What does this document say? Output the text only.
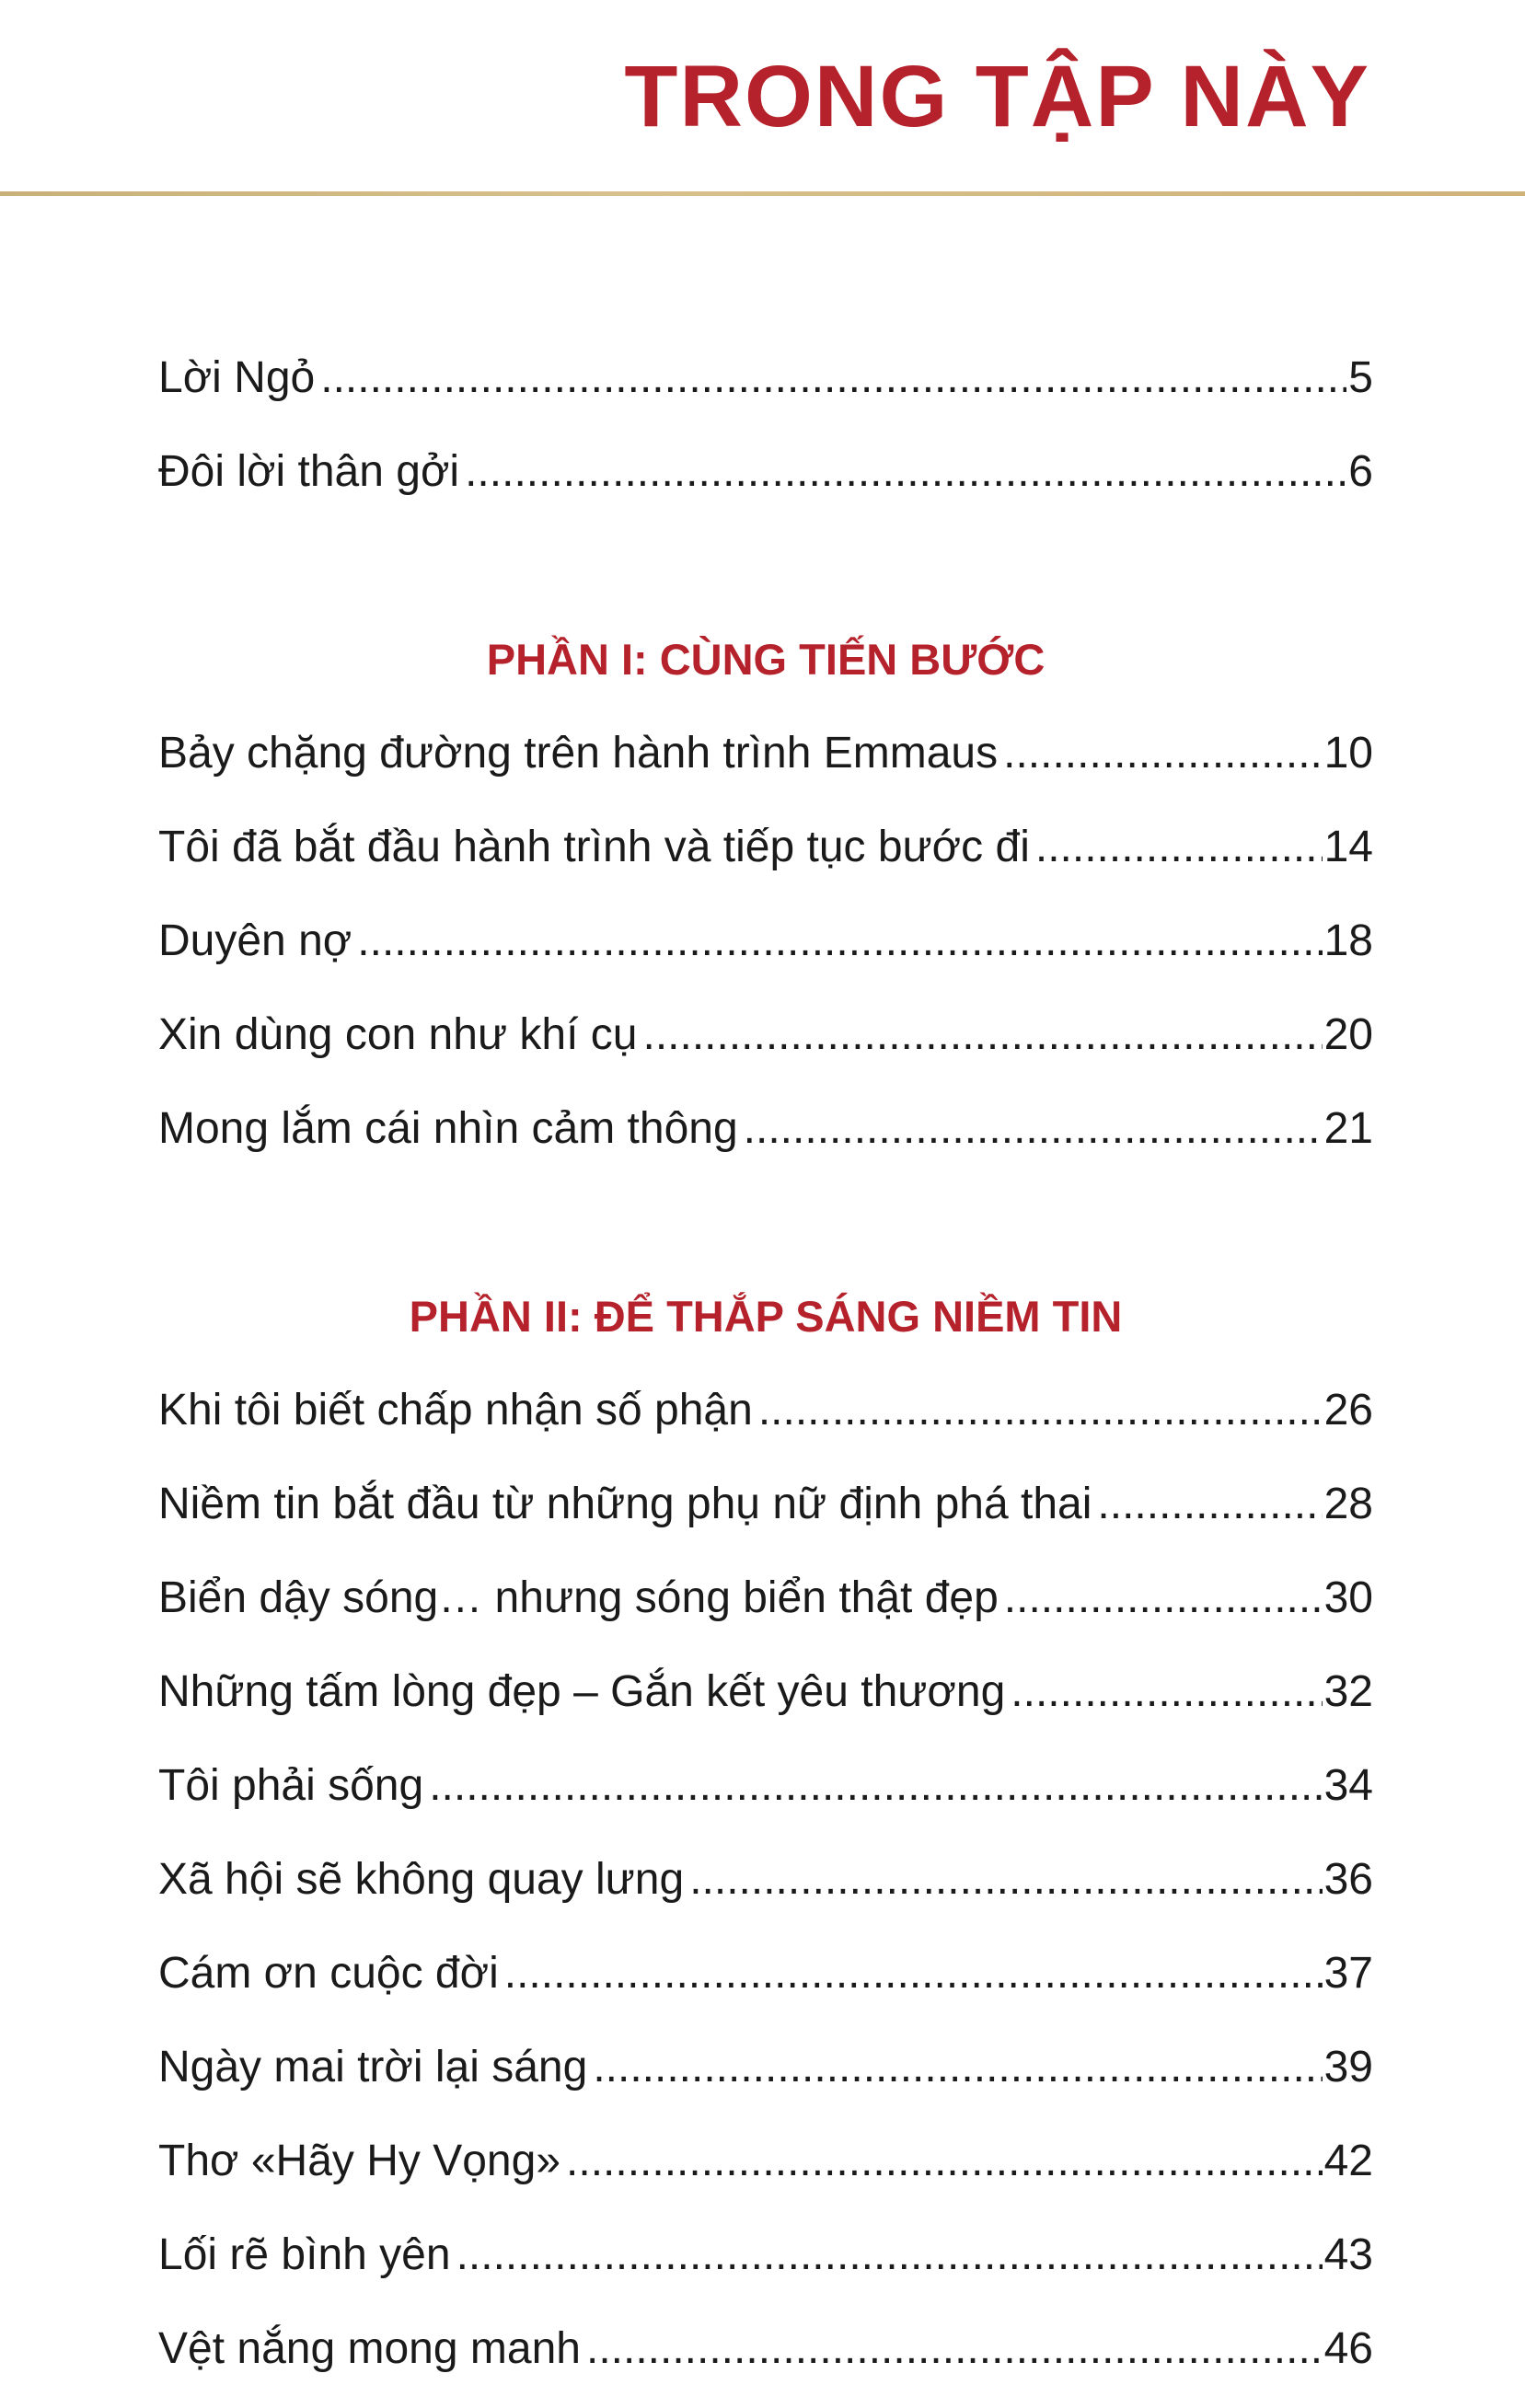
TRONG TẬP NÀY
Lời Ngỏ .....	5
Đôi lời thân gởi .....	6
PHẦN I: CÙNG TIẾN BƯỚC
Bảy chặng đường trên hành trình Emmaus .....	10
Tôi đã bắt đầu hành trình và tiếp tục bước đi .....	14
Duyên nợ .....	18
Xin dùng con như khí cụ .....	20
Mong lắm cái nhìn cảm thông .....	21
PHẦN II: ĐỂ THẮP SÁNG NIỀM TIN
Khi tôi biết chấp nhận số phận .....	26
Niềm tin bắt đầu từ những phụ nữ định phá thai .....	28
Biển dậy sóng… nhưng sóng biển thật đẹp .....	30
Những tấm lòng đẹp – Gắn kết yêu thương .....	32
Tôi phải sống .....	34
Xã hội sẽ không quay lưng .....	36
Cám ơn cuộc đời .....	37
Ngày mai trời lại sáng .....	39
Thơ «Hãy Hy Vọng» .....	42
Lối rẽ bình yên .....	43
Vệt nắng mong manh .....	46
